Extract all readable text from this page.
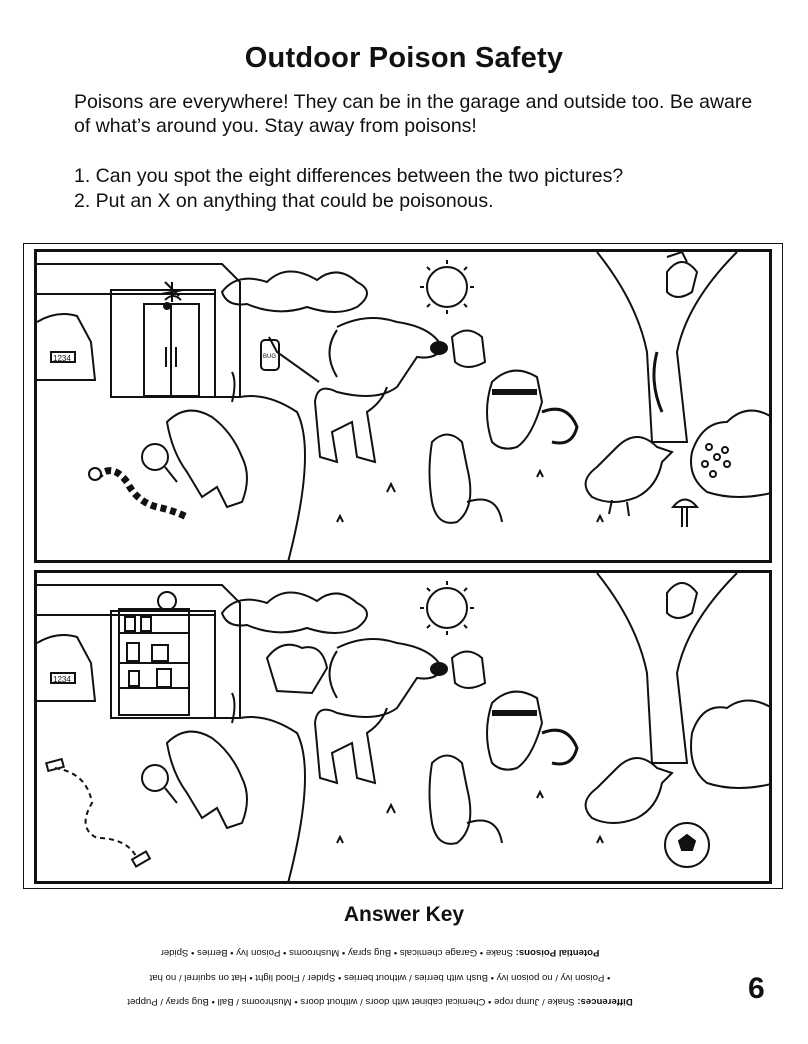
Outdoor Poison Safety
Poisons are everywhere! They can be in the garage and outside too. Be aware of what’s around you. Stay away from poisons!
1. Can you spot the eight differences between the two pictures?
2. Put an X on anything that could be poisonous.
1234	BUG
1234
Answer Key
Potential Poisons: Snake • Garage chemicals • Bug spray • Mushrooms • Poison Ivy • Berries • Spider
• Poison ivy / no poison ivy • Bush with berries / without berries • Spider / Flood light • Hat on squirrel / no hat
Differences: Snake / Jump rope • Chemical cabinet with doors / without doors • Mushrooms / Ball • Bug spray / Puppet	6
